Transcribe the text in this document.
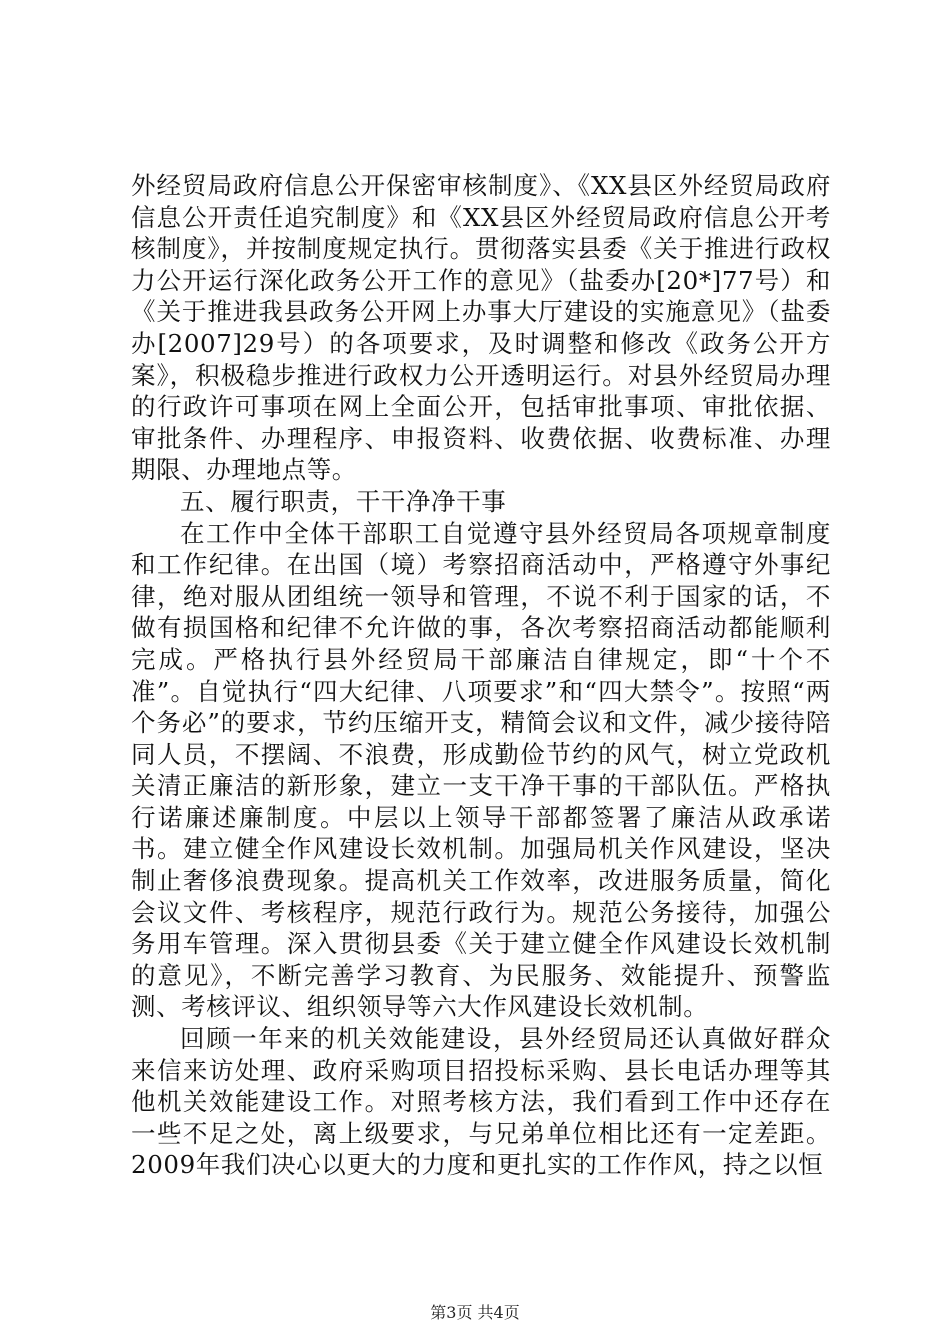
外经贸局政府信息公开保密审核制度》、《XX县区外经贸局政府信息公开责任追究制度》和《XX县区外经贸局政府信息公开考核制度》，并按制度规定执行。贯彻落实县委《关于推进行政权力公开运行深化政务公开工作的意见》（盐委办[20*]77号）和《关于推进我县政务公开网上办事大厅建设的实施意见》（盐委办[2007]29号）的各项要求，及时调整和修改《政务公开方案》，积极稳步推进行政权力公开透明运行。对县外经贸局办理的行政许可事项在网上全面公开，包括审批事项、审批依据、审批条件、办理程序、申报资料、收费依据、收费标准、办理期限、办理地点等。

五、履行职责，干干净净干事

在工作中全体干部职工自觉遵守县外经贸局各项规章制度和工作纪律。在出国（境）考察招商活动中，严格遵守外事纪律，绝对服从团组统一领导和管理，不说不利于国家的话，不做有损国格和纪律不允许做的事，各次考察招商活动都能顺利完成。严格执行县外经贸局干部廉洁自律规定，即“十个不准”。自觉执行“四大纪律、八项要求”和“四大禁令”。按照“两个务必”的要求，节约压缩开支，精简会议和文件，减少接待陪同人员，不摆阔、不浪费，形成勤俭节约的风气，树立党政机关清正廉洁的新形象，建立一支干净干事的干部队伍。严格执行诺廉述廉制度。中层以上领导干部都签署了廉洁从政承诺书。建立健全作风建设长效机制。加强局机关作风建设，坚决制止奢侈浪费现象。提高机关工作效率，改进服务质量，简化会议文件、考核程序，规范行政行为。规范公务接待，加强公务用车管理。深入贯彻县委《关于建立健全作风建设长效机制的意见》，不断完善学习教育、为民服务、效能提升、预警监测、考核评议、组织领导等六大作风建设长效机制。

回顾一年来的机关效能建设，县外经贸局还认真做好群众来信来访处理、政府采购项目招投标采购、县长电话办理等其他机关效能建设工作。对照考核方法，我们看到工作中还存在一些不足之处，离上级要求，与兄弟单位相比还有一定差距。2009年我们决心以更大的力度和更扎实的工作作风，持之以恒

第3页 共4页
